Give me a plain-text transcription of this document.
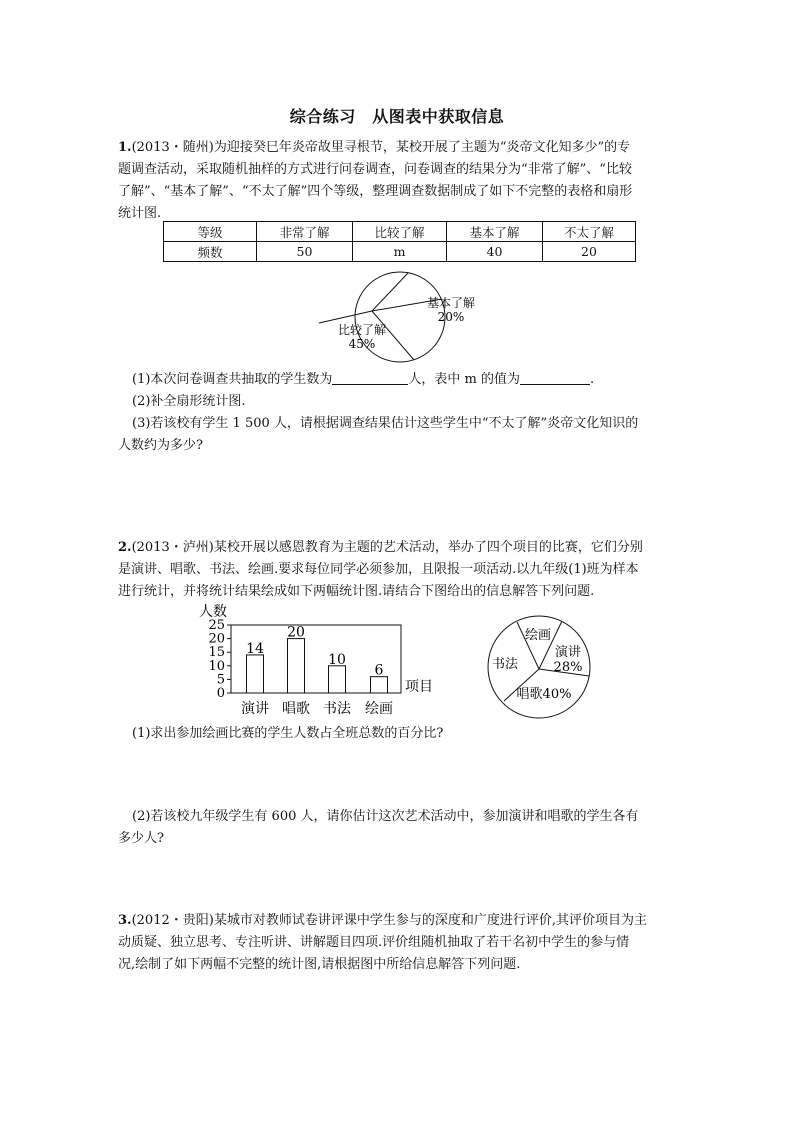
综合练习　从图表中获取信息
1.(2013・随州)为迎接癸巳年炎帝故里寻根节，某校开展了主题为“炎帝文化知多少”的专
题调查活动，采取随机抽样的方式进行问卷调查，问卷调查的结果分为“非常了解”、“比较
了解”、“基本了解”、“不太了解”四个等级，整理调查数据制成了如下不完整的表格和扇形
统计图.
等级	非常了解	比较了解	基本了解	不太了解
频数	50	m	40	20
基本了解
20%
比较了解
45%
(1)本次问卷调查共抽取的学生数为	人，表中 m 的值为	.
(2)补全扇形统计图.
(3)若该校有学生 1 500 人，请根据调查结果估计这些学生中“不太了解”炎帝文化知识的
人数约为多少?
2.(2013・泸州)某校开展以感恩教育为主题的艺术活动，举办了四个项目的比赛，它们分别
是演讲、唱歌、书法、绘画.要求每位同学必须参加，且限报一项活动.以九年级(1)班为样本
进行统计，并将统计结果绘成如下两幅统计图.请结合下图给出的信息解答下列问题.
人数
项目
0
5
10
15
20
25
14
演讲
20
唱歌
10
书法
6
绘画
绘画
演讲
28%
书法
唱歌40%
(1)求出参加绘画比赛的学生人数占全班总数的百分比?
(2)若该校九年级学生有 600 人，请你估计这次艺术活动中，参加演讲和唱歌的学生各有
多少人?
3.(2012・贵阳)某城市对教师试卷讲评课中学生参与的深度和广度进行评价,其评价项目为主
动质疑、独立思考、专注听讲、讲解题目四项.评价组随机抽取了若干名初中学生的参与情
况,绘制了如下两幅不完整的统计图,请根据图中所给信息解答下列问题.
